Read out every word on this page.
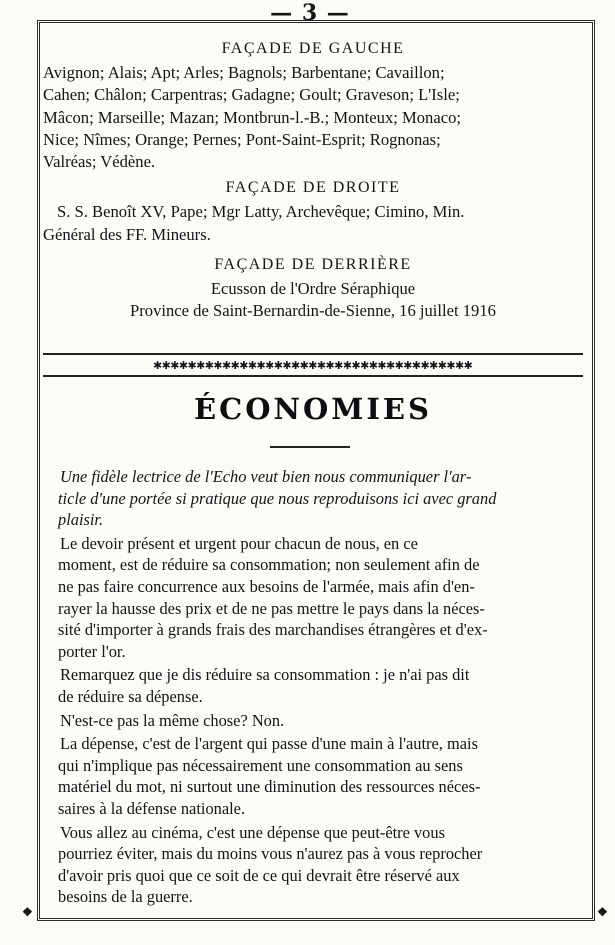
— 3 —

FAÇADE DE GAUCHE

Avignon; Alais; Apt; Arles; Bagnols; Barbentane; Cavaillon;
Cahen; Châlon; Carpentras; Gadagne; Goult; Graveson; L'Isle;
Mâcon; Marseille; Mazan; Montbrun-l.-B.; Monteux; Monaco;
Nice; Nîmes; Orange; Pernes; Pont-Saint-Esprit; Rognonas;
Valréas; Védène.

FAÇADE DE DROITE

S. S. Benoît XV, Pape; Mgr Latty, Archevêque; Cimino, Min.
Général des FF. Mineurs.

FAÇADE DE DERRIÈRE

Ecusson de l'Ordre Séraphique
Province de Saint-Bernardin-de-Sienne, 16 juillet 1916
✱✱✱✱✱✱✱✱✱✱✱✱✱✱✱✱✱✱✱✱✱✱✱✱✱✱✱✱✱✱✱✱✱✱✱✱✱
ÉCONOMIES
Une fidèle lectrice de l'Echo veut bien nous communiquer l'ar-
ticle d'une portée si pratique que nous reproduisons ici avec grand
plaisir.
Le devoir présent et urgent pour chacun de nous, en ce
moment, est de réduire sa consommation; non seulement afin de
ne pas faire concurrence aux besoins de l'armée, mais afin d'en-
rayer la hausse des prix et de ne pas mettre le pays dans la néces-
sité d'importer à grands frais des marchandises étrangères et d'ex-
porter l'or.
Remarquez que je dis réduire sa consommation : je n'ai pas dit
de réduire sa dépense.
N'est-ce pas la même chose? Non.
La dépense, c'est de l'argent qui passe d'une main à l'autre, mais
qui n'implique pas nécessairement une consommation au sens
matériel du mot, ni surtout une diminution des ressources néces-
saires à la défense nationale.
Vous allez au cinéma, c'est une dépense que peut-être vous
pourriez éviter, mais du moins vous n'aurez pas à vous reprocher
d'avoir pris quoi que ce soit de ce qui devrait être réservé aux
besoins de la guerre.
❖	❖
